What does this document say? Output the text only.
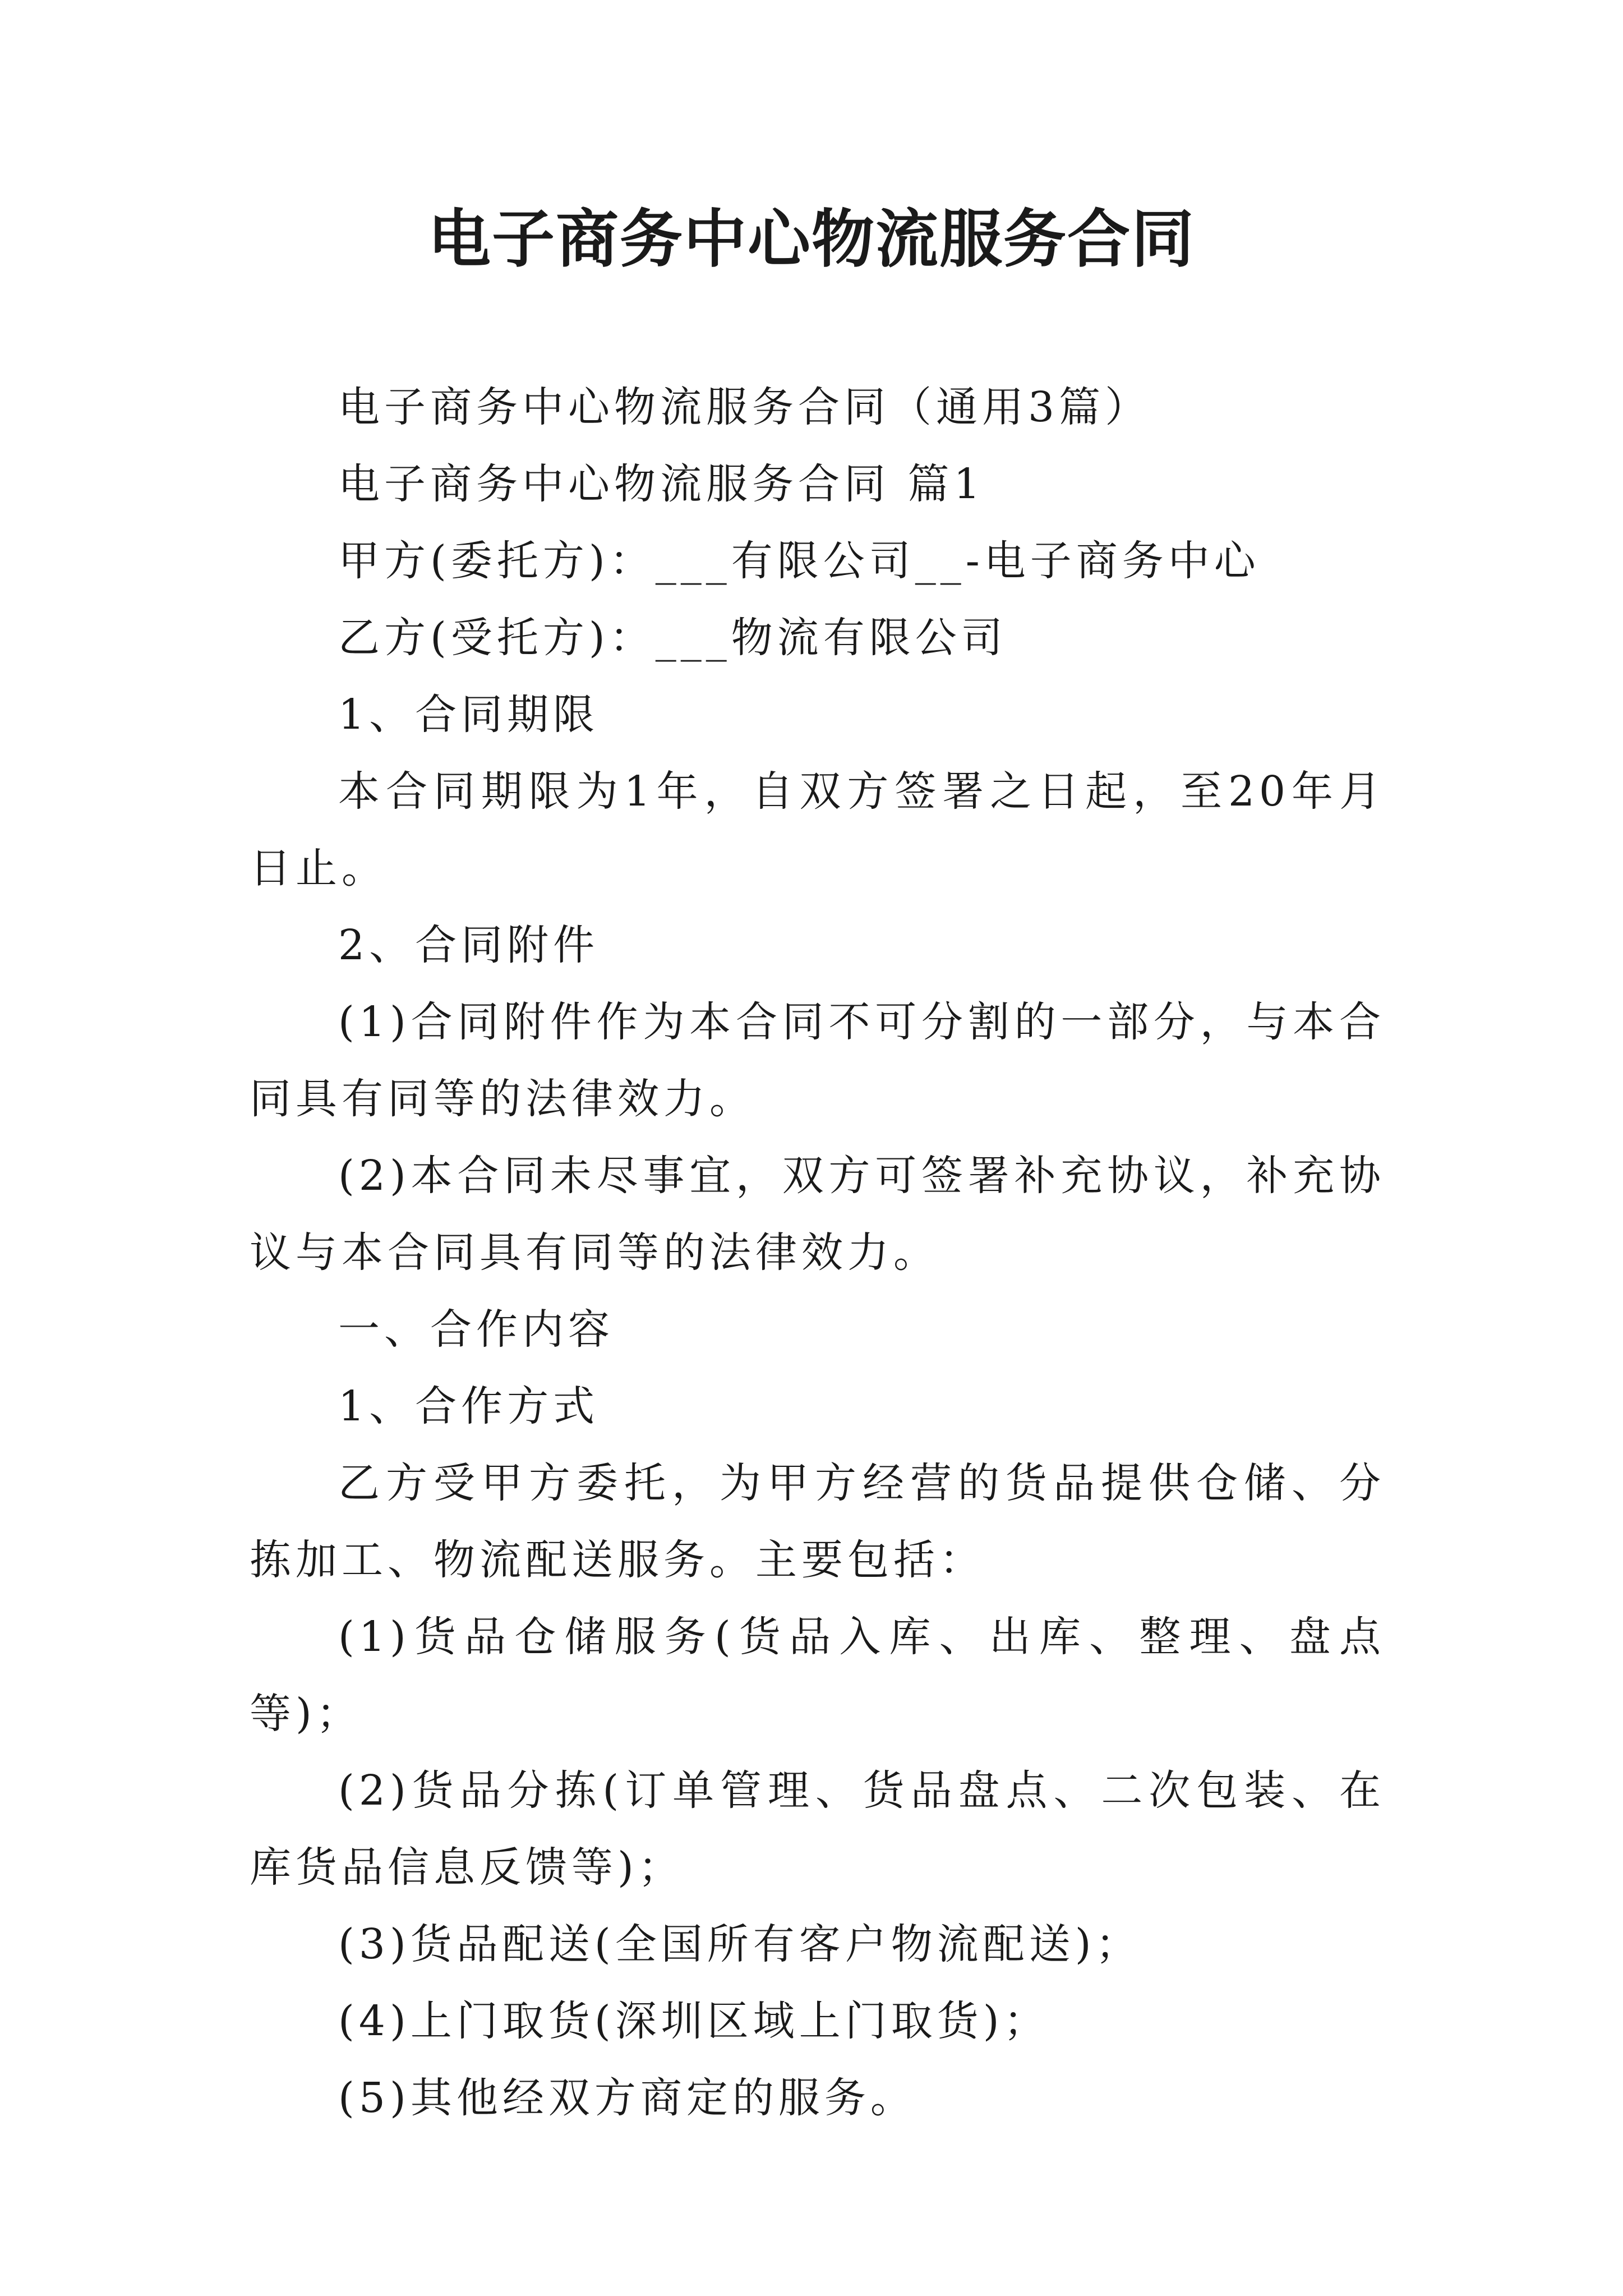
电子商务中心物流服务合同

电子商务中心物流服务合同（通用3篇）

电子商务中心物流服务合同 篇1

甲方(委托方)：___有限公司__-电子商务中心

乙方(受托方)：___物流有限公司

1、合同期限

本合同期限为1年，自双方签署之日起，至20年月日止。

2、合同附件

(1)合同附件作为本合同不可分割的一部分，与本合同具有同等的法律效力。

(2)本合同未尽事宜，双方可签署补充协议，补充协议与本合同具有同等的法律效力。

一、合作内容

1、合作方式

乙方受甲方委托，为甲方经营的货品提供仓储、分拣加工、物流配送服务。主要包括：

(1)货品仓储服务(货品入库、出库、整理、盘点等)；

(2)货品分拣(订单管理、货品盘点、二次包装、在库货品信息反馈等)；

(3)货品配送(全国所有客户物流配送)；

(4)上门取货(深圳区域上门取货)；

(5)其他经双方商定的服务。
